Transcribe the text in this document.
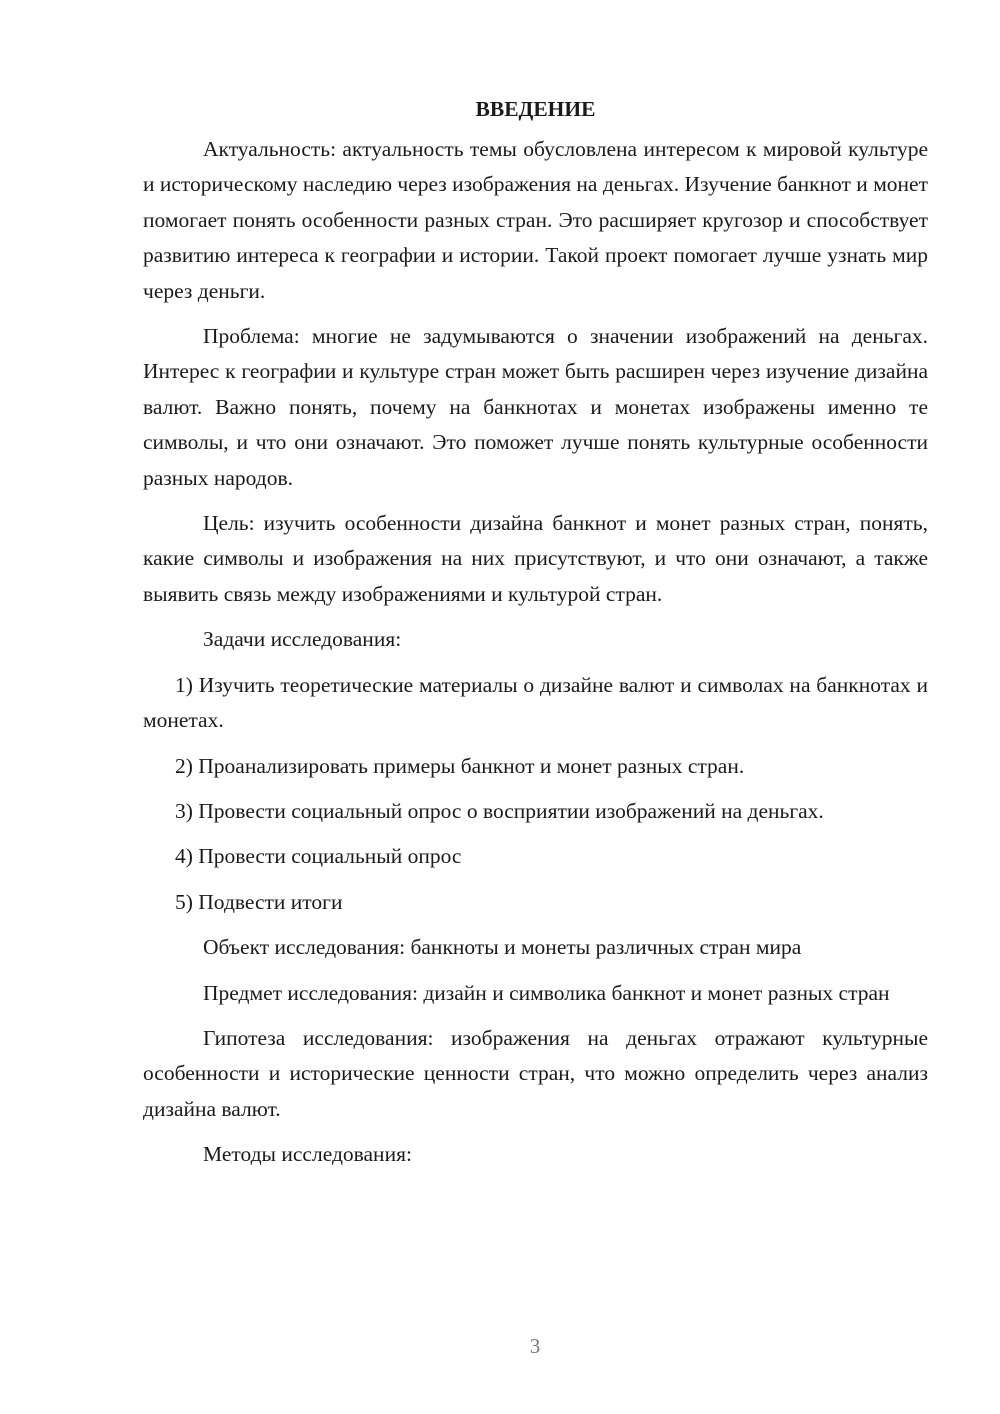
ВВЕДЕНИЕ

Актуальность: актуальность темы обусловлена интересом к мировой культуре и историческому наследию через изображения на деньгах. Изучение банкнот и монет помогает понять особенности разных стран. Это расширяет кругозор и способствует развитию интереса к географии и истории. Такой проект помогает лучше узнать мир через деньги.

Проблема: многие не задумываются о значении изображений на деньгах. Интерес к географии и культуре стран может быть расширен через изучение дизайна валют. Важно понять, почему на банкнотах и монетах изображены именно те символы, и что они означают. Это поможет лучше понять культурные особенности разных народов.

Цель: изучить особенности дизайна банкнот и монет разных стран, понять, какие символы и изображения на них присутствуют, и что они означают, а также выявить связь между изображениями и культурой стран.

Задачи исследования:

1) Изучить теоретические материалы о дизайне валют и символах на банкнотах и монетах.

2) Проанализировать примеры банкнот и монет разных стран.

3) Провести социальный опрос о восприятии изображений на деньгах.

4) Провести социальный опрос

5) Подвести итоги

Объект исследования: банкноты и монеты различных стран мира

Предмет исследования: дизайн и символика банкнот и монет разных стран

Гипотеза исследования: изображения на деньгах отражают культурные особенности и исторические ценности стран, что можно определить через анализ дизайна валют.

Методы исследования:

3
